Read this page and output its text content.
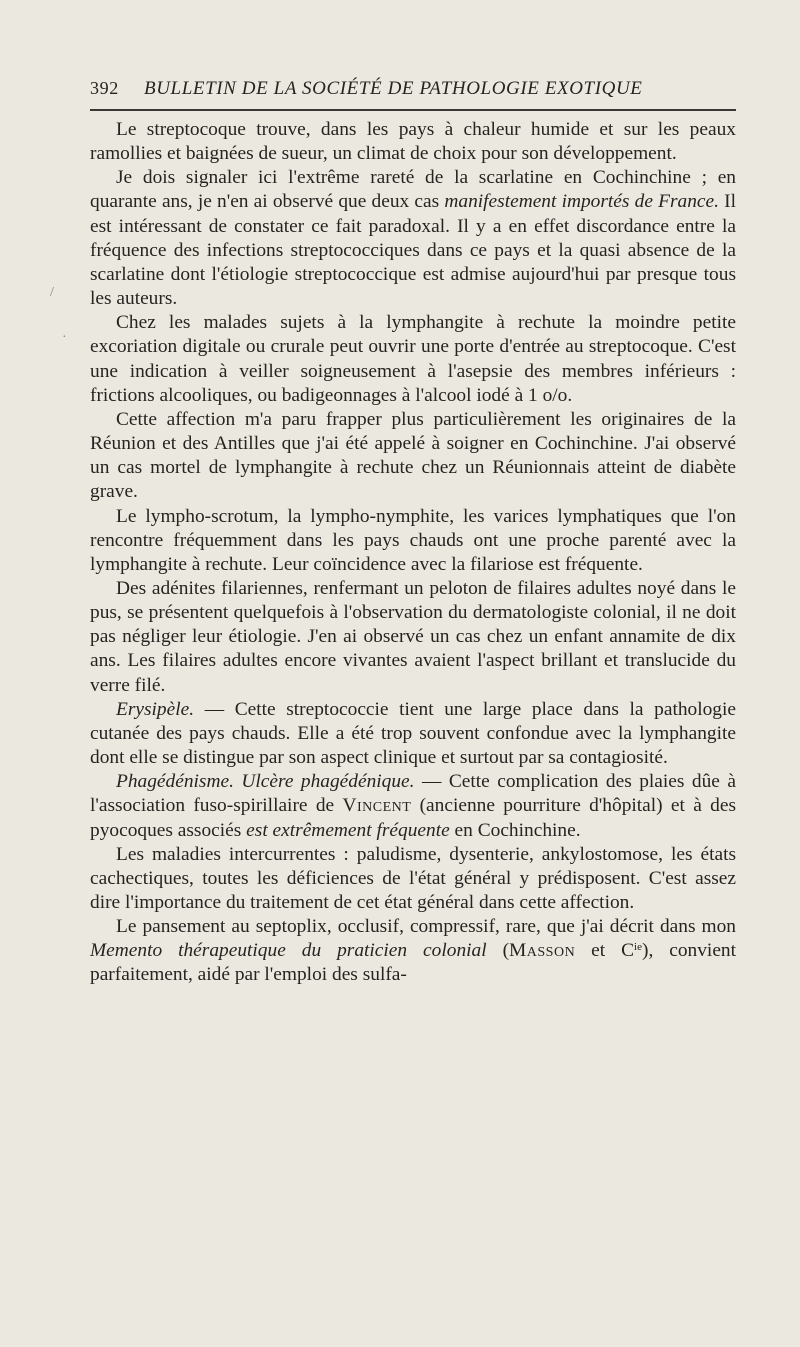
392 BULLETIN DE LA SOCIÉTÉ DE PATHOLOGIE EXOTIQUE

Le streptocoque trouve, dans les pays à chaleur humide et sur les peaux ramollies et baignées de sueur, un climat de choix pour son développement.

Je dois signaler ici l'extrême rareté de la scarlatine en Cochinchine ; en quarante ans, je n'en ai observé que deux cas manifestement importés de France. Il est intéressant de constater ce fait paradoxal. Il y a en effet discordance entre la fréquence des infections streptococciques dans ce pays et la quasi absence de la scarlatine dont l'étiologie streptococcique est admise aujourd'hui par presque tous les auteurs.

Chez les malades sujets à la lymphangite à rechute la moindre petite excoriation digitale ou crurale peut ouvrir une porte d'entrée au streptocoque. C'est une indication à veiller soigneusement à l'asepsie des membres inférieurs : frictions alcooliques, ou badigeonnages à l'alcool iodé à 1 o/o.

Cette affection m'a paru frapper plus particulièrement les originaires de la Réunion et des Antilles que j'ai été appelé à soigner en Cochinchine. J'ai observé un cas mortel de lymphangite à rechute chez un Réunionnais atteint de diabète grave.

Le lympho-scrotum, la lympho-nymphite, les varices lymphatiques que l'on rencontre fréquemment dans les pays chauds ont une proche parenté avec la lymphangite à rechute. Leur coïncidence avec la filariose est fréquente.

Des adénites filariennes, renfermant un peloton de filaires adultes noyé dans le pus, se présentent quelquefois à l'observation du dermatologiste colonial, il ne doit pas négliger leur étiologie. J'en ai observé un cas chez un enfant annamite de dix ans. Les filaires adultes encore vivantes avaient l'aspect brillant et translucide du verre filé.

Erysipèle. — Cette streptococcie tient une large place dans la pathologie cutanée des pays chauds. Elle a été trop souvent confondue avec la lymphangite dont elle se distingue par son aspect clinique et surtout par sa contagiosité.

Phagédénisme. Ulcère phagédénique. — Cette complication des plaies dûe à l'association fuso-spirillaire de Vincent (ancienne pourriture d'hôpital) et à des pyocoques associés est extrêmement fréquente en Cochinchine.

Les maladies intercurrentes : paludisme, dysenterie, ankylostomose, les états cachectiques, toutes les déficiences de l'état général y prédisposent. C'est assez dire l'importance du traitement de cet état général dans cette affection.

Le pansement au septoplix, occlusif, compressif, rare, que j'ai décrit dans mon Memento thérapeutique du praticien colonial (Masson et $C^{ie}$), convient parfaitement, aidé par l'emploi des sulfa-

/
·
